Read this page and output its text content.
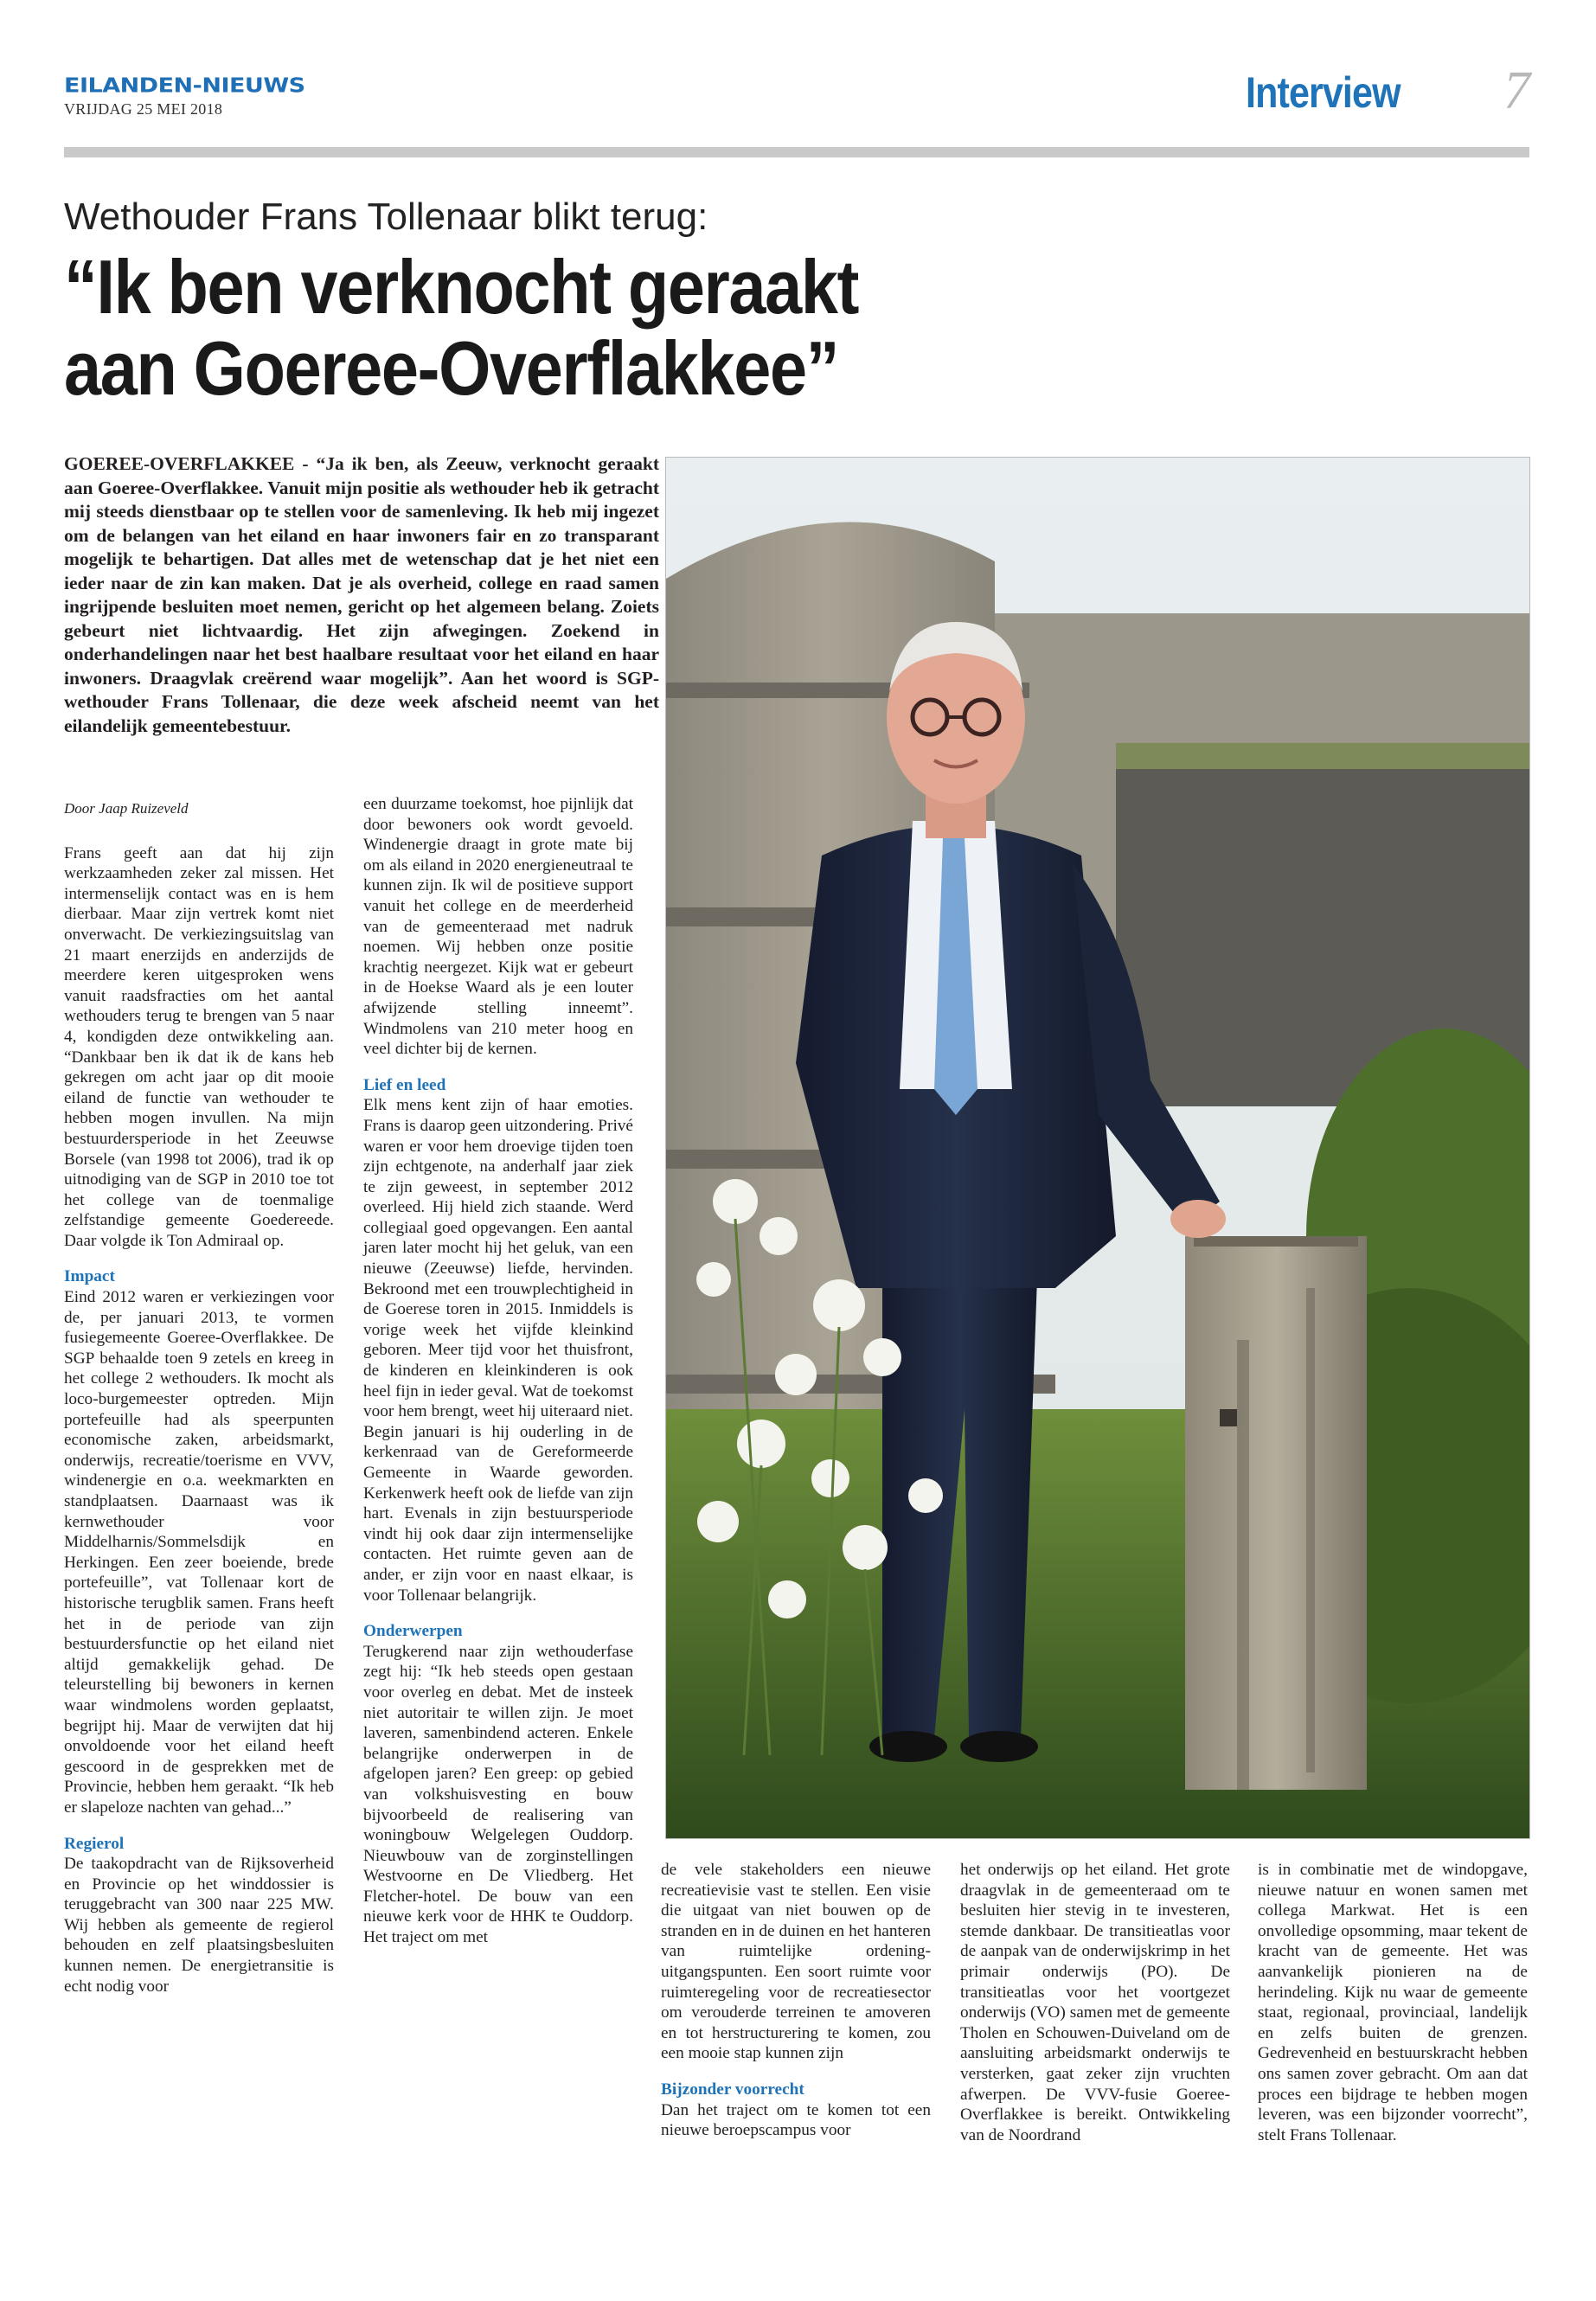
EILANDEN-NIEUWS
VRIJDAG 25 MEI 2018	Interview 7
Wethouder Frans Tollenaar blikt terug:
“Ik ben verknocht geraakt
aan Goeree-Overflakkee”
GOEREE-OVERFLAKKEE - “Ja ik ben, als Zeeuw, verknocht geraakt aan Goeree-Overflakkee. Vanuit mijn positie als wethouder heb ik getracht mij steeds dienstbaar op te stellen voor de samenleving. Ik heb mij ingezet om de belangen van het eiland en haar inwoners fair en zo transparant mogelijk te behartigen. Dat alles met de wetenschap dat je het niet een ieder naar de zin kan maken. Dat je als overheid, college en raad samen ingrijpende besluiten moet nemen, gericht op het algemeen belang. Zoiets gebeurt niet lichtvaardig. Het zijn afwegingen. Zoekend in onderhandelingen naar het best haalbare resultaat voor het eiland en haar inwoners. Draagvlak creërend waar mogelijk”. Aan het woord is SGP-wethouder Frans Tollenaar, die deze week afscheid neemt van het eilandelijk gemeentebestuur.

Door Jaap Ruizeveld

Frans geeft aan dat hij zijn werkzaamheden zeker zal missen. Het intermenselijk contact was en is hem dierbaar. Maar zijn vertrek komt niet onverwacht. De verkiezingsuitslag van 21 maart enerzijds en anderzijds de meerdere keren uitgesproken wens vanuit raadsfracties om het aantal wethouders terug te brengen van 5 naar 4, kondigden deze ontwikkeling aan. “Dankbaar ben ik dat ik de kans heb gekregen om acht jaar op dit mooie eiland de functie van wethouder te hebben mogen invullen. Na mijn bestuurdersperiode in het Zeeuwse Borsele (van 1998 tot 2006), trad ik op uitnodiging van de SGP in 2010 toe tot het college van de toenmalige zelfstandige gemeente Goedereede. Daar volgde ik Ton Admiraal op.

Impact

Eind 2012 waren er verkiezingen voor de, per januari 2013, te vormen fusiegemeente Goeree-Overflakkee. De SGP behaalde toen 9 zetels en kreeg in het college 2 wethouders. Ik mocht als loco-burgemeester optreden. Mijn portefeuille had als speerpunten economische zaken, arbeidsmarkt, onderwijs, recreatie/toerisme en VVV, windenergie en o.a. weekmarkten en standplaatsen. Daarnaast was ik kernwethouder voor Middelharnis/Sommelsdijk en Herkingen. Een zeer boeiende, brede portefeuille”, vat Tollenaar kort de historische terugblik samen. Frans heeft het in de periode van zijn bestuurdersfunctie op het eiland niet altijd gemakkelijk gehad. De teleurstelling bij bewoners in kernen waar windmolens worden geplaatst, begrijpt hij. Maar de verwijten dat hij onvoldoende voor het eiland heeft gescoord in de gesprekken met de Provincie, hebben hem geraakt. “Ik heb er slapeloze nachten van gehad...”

Regierol

De taakopdracht van de Rijksoverheid en Provincie op het winddossier is teruggebracht van 300 naar 225 MW. Wij hebben als gemeente de regierol behouden en zelf plaatsingsbesluiten kunnen nemen. De energietransitie is echt nodig voor

een duurzame toekomst, hoe pijnlijk dat door bewoners ook wordt gevoeld. Windenergie draagt in grote mate bij om als eiland in 2020 energieneutraal te kunnen zijn. Ik wil de positieve support vanuit het college en de meerderheid van de gemeenteraad met nadruk noemen. Wij hebben onze positie krachtig neergezet. Kijk wat er gebeurt in de Hoekse Waard als je een louter afwijzende stelling inneemt”. Windmolens van 210 meter hoog en veel dichter bij de kernen.

Lief en leed

Elk mens kent zijn of haar emoties. Frans is daarop geen uitzondering. Privé waren er voor hem droevige tijden toen zijn echtgenote, na anderhalf jaar ziek te zijn geweest, in september 2012 overleed. Hij hield zich staande. Werd collegiaal goed opgevangen. Een aantal jaren later mocht hij het geluk, van een nieuwe (Zeeuwse) liefde, hervinden. Bekroond met een trouwplechtigheid in de Goerese toren in 2015. Inmiddels is vorige week het vijfde kleinkind geboren. Meer tijd voor het thuisfront, de kinderen en kleinkinderen is ook heel fijn in ieder geval. Wat de toekomst voor hem brengt, weet hij uiteraard niet. Begin januari is hij ouderling in de kerkenraad van de Gereformeerde Gemeente in Waarde geworden. Kerkenwerk heeft ook de liefde van zijn hart. Evenals in zijn bestuursperiode vindt hij ook daar zijn intermenselijke contacten. Het ruimte geven aan de ander, er zijn voor en naast elkaar, is voor Tollenaar belangrijk.

Onderwerpen

Terugkerend naar zijn wethouderfase zegt hij: “Ik heb steeds open gestaan voor overleg en debat. Met de insteek niet autoritair te willen zijn. Je moet laveren, samenbindend acteren. Enkele belangrijke onderwerpen in de afgelopen jaren? Een greep: op gebied van volkshuisvesting en bouw bijvoorbeeld de realisering van woningbouw Welgelegen Ouddorp. Nieuwbouw van de zorginstellingen Westvoorne en De Vliedberg. Het Fletcher-hotel. De bouw van een nieuwe kerk voor de HHK te Ouddorp. Het traject om met

de vele stakeholders een nieuwe recreatievisie vast te stellen. Een visie die uitgaat van niet bouwen op de stranden en in de duinen en het hanteren van ruimtelijke ordening-uitgangspunten. Een soort ruimte voor ruimteregeling voor de recreatiesector om verouderde terreinen te amoveren en tot herstructurering te komen, zou een mooie stap kunnen zijn

Bijzonder voorrecht

Dan het traject om te komen tot een nieuwe beroepscampus voor

het onderwijs op het eiland. Het grote draagvlak in de gemeenteraad om te besluiten hier stevig in te investeren, stemde dankbaar. De transitieatlas voor de aanpak van de onderwijskrimp in het primair onderwijs (PO). De transitieatlas voor het voortgezet onderwijs (VO) samen met de gemeente Tholen en Schouwen-Duiveland om de aansluiting arbeidsmarkt onderwijs te versterken, gaat zeker zijn vruchten afwerpen. De VVV-fusie Goeree-Overflakkee is bereikt. Ontwikkeling van de Noordrand

is in combinatie met de windopgave, nieuwe natuur en wonen samen met collega Markwat. Het is een onvolledige opsomming, maar tekent de kracht van de gemeente. Het was aanvankelijk pionieren na de herindeling. Kijk nu waar de gemeente staat, regionaal, provinciaal, landelijk en zelfs buiten de grenzen. Gedrevenheid en bestuurskracht hebben ons samen zover gebracht. Om aan dat proces een bijdrage te hebben mogen leveren, was een bijzonder voorrecht”, stelt Frans Tollenaar.
